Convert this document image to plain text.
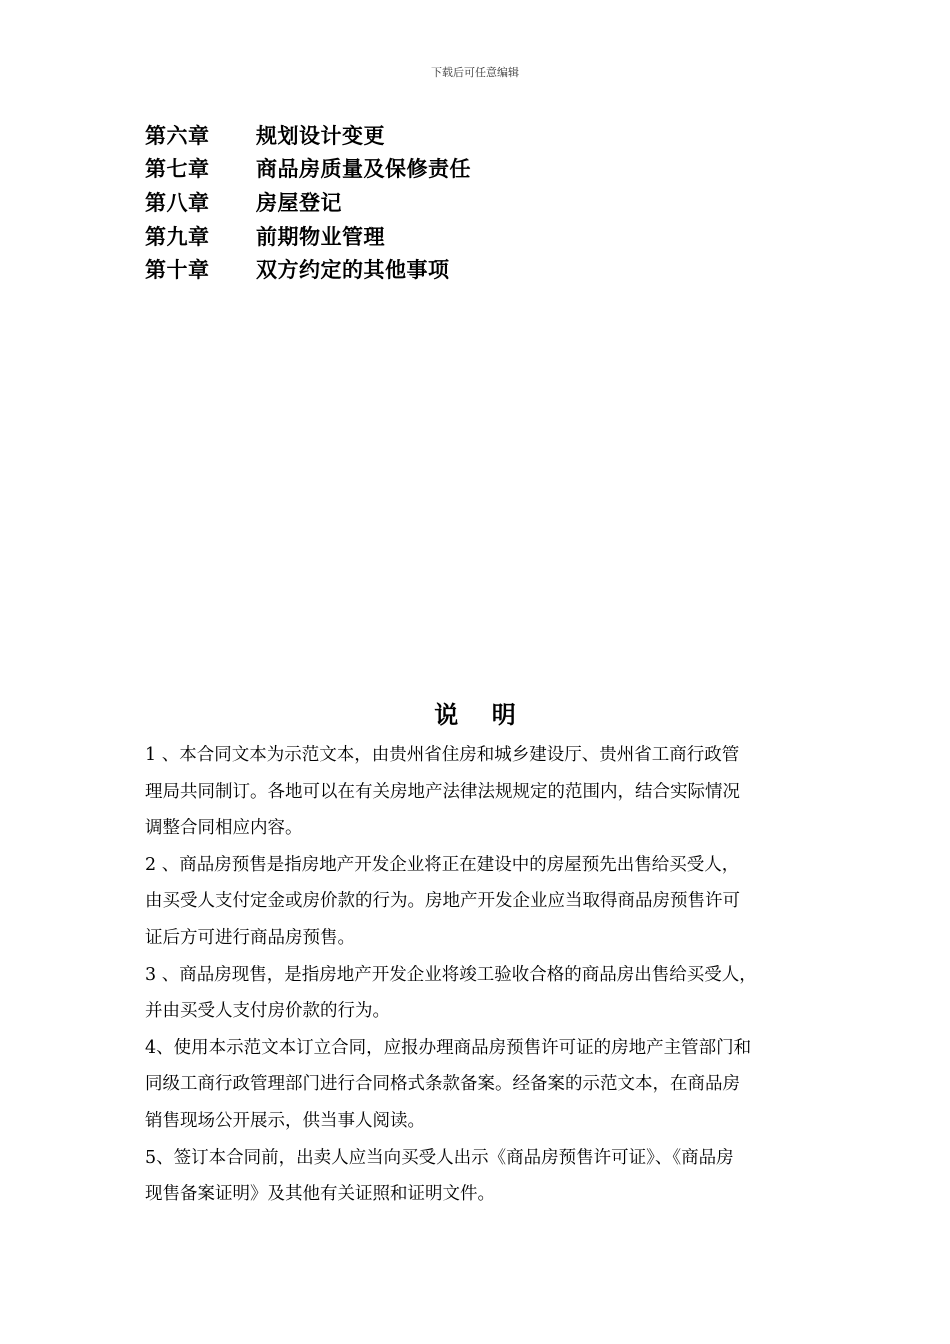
下载后可任意编辑
第六章	规划设计变更
第七章	商品房质量及保修责任
第八章	房屋登记
第九章	前期物业管理
第十章	双方约定的其他事项
说    明
1 、本合同文本为示范文本，由贵州省住房和城乡建设厅、贵州省工商行政管
理局共同制订。各地可以在有关房地产法律法规规定的范围内，结合实际情况
调整合同相应内容。
2 、商品房预售是指房地产开发企业将正在建设中的房屋预先出售给买受人，
由买受人支付定金或房价款的行为。房地产开发企业应当取得商品房预售许可
证后方可进行商品房预售。
3 、商品房现售，是指房地产开发企业将竣工验收合格的商品房出售给买受人，
并由买受人支付房价款的行为。
4、使用本示范文本订立合同，应报办理商品房预售许可证的房地产主管部门和
同级工商行政管理部门进行合同格式条款备案。经备案的示范文本，在商品房
销售现场公开展示，供当事人阅读。
5、签订本合同前，出卖人应当向买受人出示《商品房预售许可证》、《商品房
现售备案证明》及其他有关证照和证明文件。
